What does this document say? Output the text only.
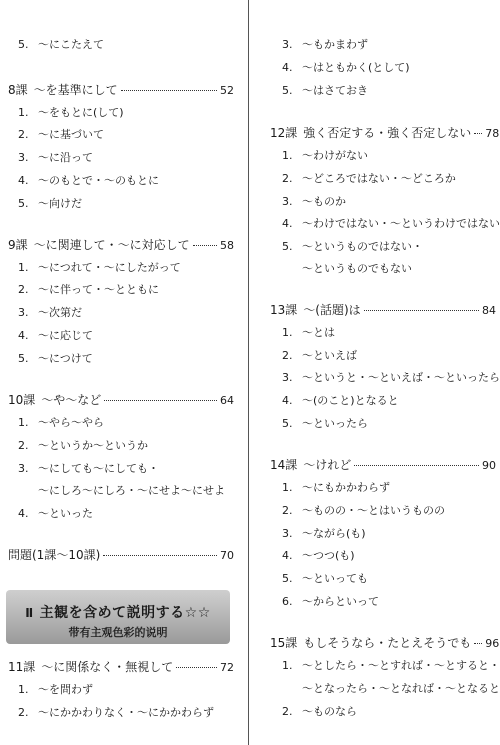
5. ～にこたえて
8課 ～を基準にして	52
1. ～をもとに(して)
2. ～に基づいて
3. ～に沿って
4. ～のもとで・～のもとに
5. ～向けだ
9課 ～に関連して・～に対応して	58
1. ～につれて・～にしたがって
2. ～に伴って・～とともに
3. ～次第だ
4. ～に応じて
5. ～につけて
10課 ～や～など	64
1. ～やら～やら
2. ～というか～というか
3. ～にしても～にしても・
～にしろ～にしろ・～にせよ～にせよ
4. ～といった
問題(1課～10課)	70
Ⅱ 主観を含めて説明する☆☆
带有主观色彩的说明
11課 ～に関係なく・無視して	72
1. ～を問わず
2. ～にかかわりなく・～にかかわらず
3. ～もかまわず
4. ～はともかく(として)
5. ～はさておき
12課 強く否定する・強く否定しない 78
1. ～わけがない
2. ～どころではない・～どころか
3. ～ものか
4. ～わけではない・～というわけではない
5. ～というものではない・
～というものでもない
13課 ～(話題)は	84
1. ～とは
2. ～といえば
3. ～というと・～といえば・～といったら
4. ～(のこと)となると
5. ～といったら
14課 ～けれど	90
1. ～にもかかわらず
2. ～ものの・～とはいうものの
3. ～ながら(も)
4. ～つつ(も)
5. ～といっても
6. ～からといって
15課 もしそうなら・たとえそうでも 96
1. ～としたら・～とすれば・～とすると・
～となったら・～となれば・～となると
2. ～ものなら
